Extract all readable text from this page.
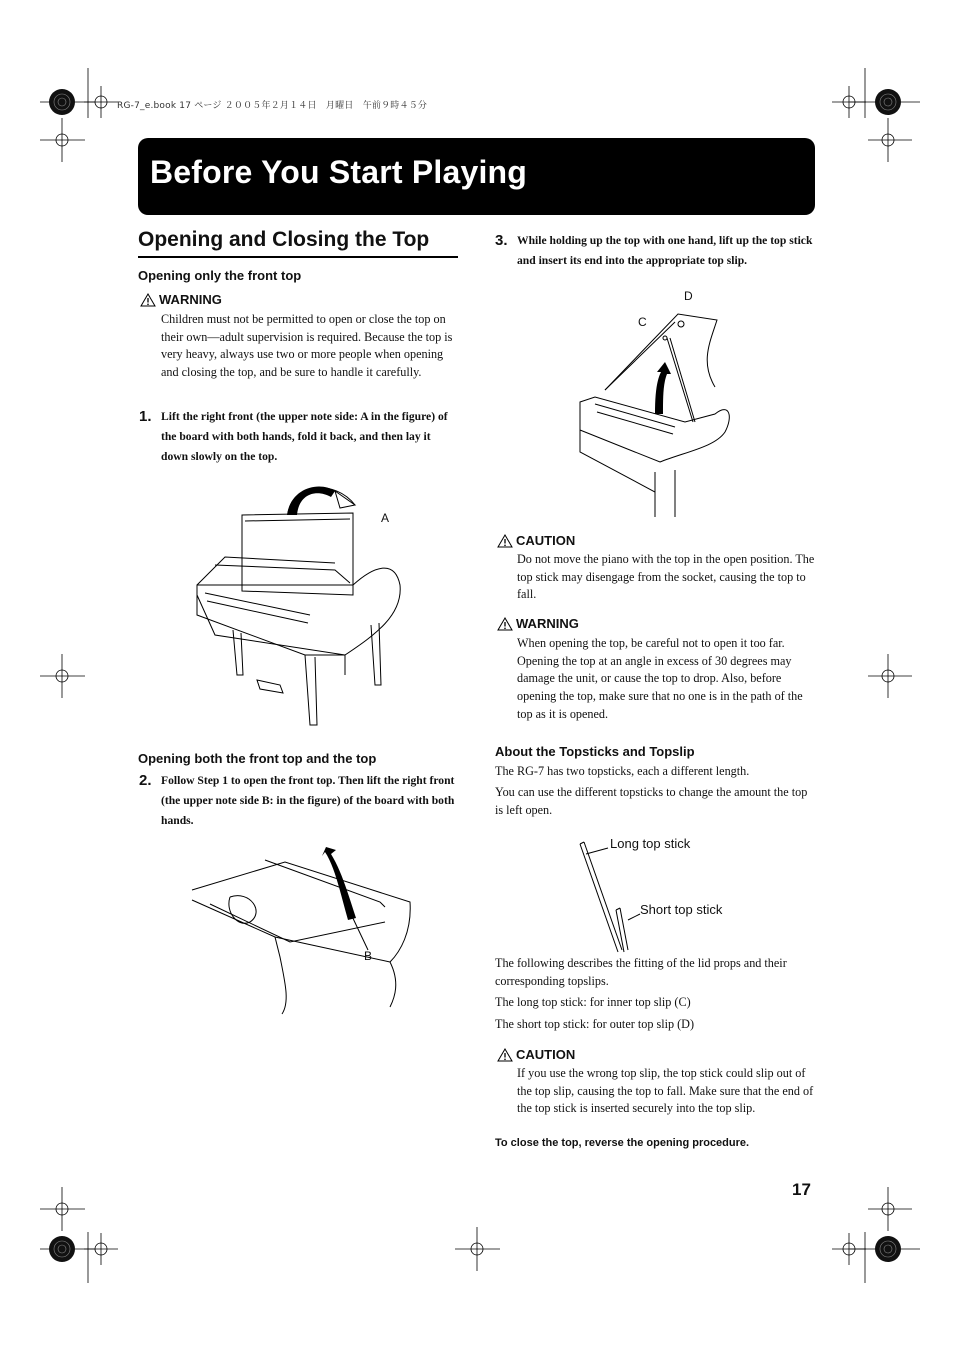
RG-7_e.book 17 ページ ２００５年２月１４日　月曜日　午前９時４５分
Before You Start Playing
Opening and Closing the Top
Opening only the front top
WARNING
Children must not be permitted to open or close the top on their own—adult supervision is required. Because the top is very heavy, always use two or more people when opening and closing the top, and be sure to handle it carefully.
1. Lift the right front (the upper note side: A in the figure) of the board with both hands, fold it back, and then lay it down slowly on the top.
A
Opening both the front top and the top
2. Follow Step 1 to open the front top. Then lift the right front (the upper note side B: in the figure) of the board with both hands.
B
3. While holding up the top with one hand, lift up the top stick and insert its end into the appropriate top slip.
C
D
CAUTION
Do not move the piano with the top in the open position. The top stick may disengage from the socket, causing the top to fall.
WARNING
When opening the top, be careful not to open it too far. Opening the top at an angle in excess of 30 degrees may damage the unit, or cause the top to drop. Also, before opening the top, make sure that no one is in the path of the top as it is opened.
About the Topsticks and Topslip
The RG-7 has two topsticks, each a different length.
You can use the different topsticks to change the amount the top is left open.
Long top stick
Short top stick
The following describes the fitting of the lid props and their corresponding topslips.
The long top stick: for inner top slip (C)
The short top stick: for outer top slip (D)
CAUTION
If you use the wrong top slip, the top stick could slip out of the top slip, causing the top to fall. Make sure that the end of the top stick is inserted securely into the top slip.
To close the top, reverse the opening procedure.
17
